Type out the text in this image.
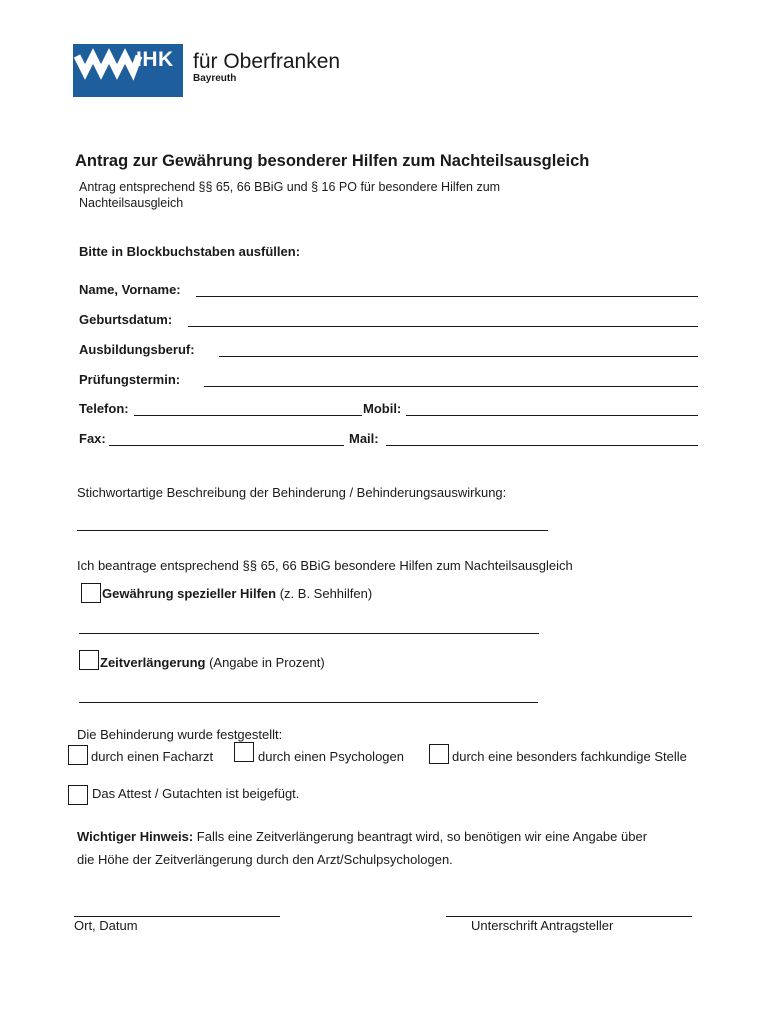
IHK für Oberfranken
Bayreuth
Antrag zur Gewährung besonderer Hilfen zum Nachteilsausgleich
Antrag entsprechend §§ 65, 66 BBiG und § 16 PO für besondere Hilfen zum
Nachteilsausgleich
Bitte in Blockbuchstaben ausfüllen:
Name, Vorname:
Geburtsdatum:
Ausbildungsberuf:
Prüfungstermin:
Telefon:	Mobil:
Fax:	Mail:
Stichwortartige Beschreibung der Behinderung / Behinderungsauswirkung:
Ich beantrage entsprechend §§ 65, 66 BBiG besondere Hilfen zum Nachteilsausgleich
Gewährung spezieller Hilfen (z. B. Sehhilfen)
Zeitverlängerung (Angabe in Prozent)
Die Behinderung wurde festgestellt:
durch einen Facharzt	durch einen Psychologen	durch eine besonders fachkundige Stelle
Das Attest / Gutachten ist beigefügt.
Wichtiger Hinweis: Falls eine Zeitverlängerung beantragt wird, so benötigen wir eine Angabe über
die Höhe der Zeitverlängerung durch den Arzt/Schulpsychologen.
Ort, Datum	Unterschrift Antragsteller
